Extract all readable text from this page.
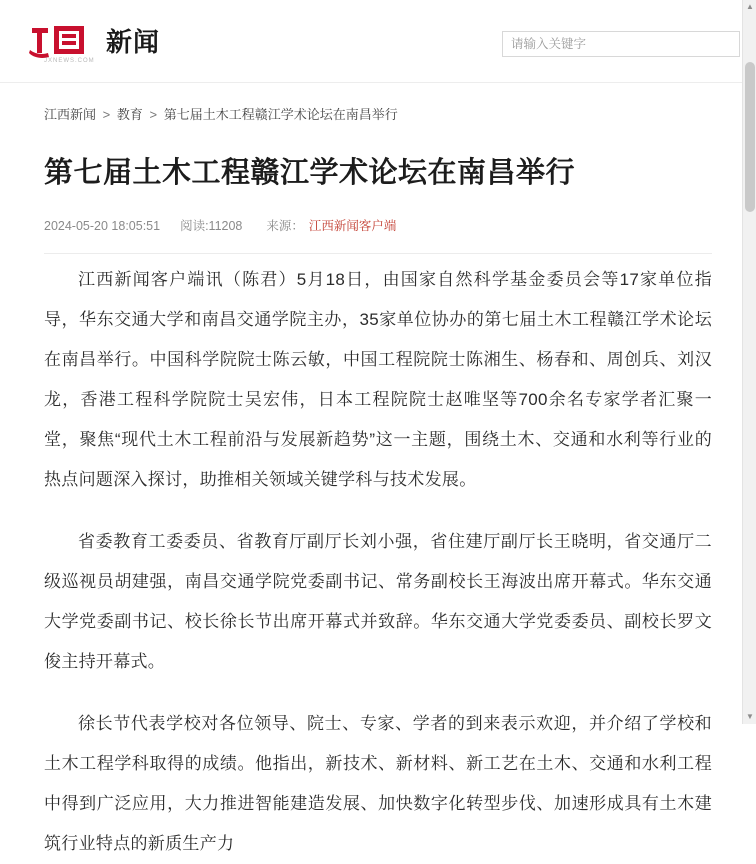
JXNEWS.COM
新闻
请输入关键字
江西新闻 > 教育 > 第七届土木工程赣江学术论坛在南昌举行
第七届土木工程赣江学术论坛在南昌举行
2024-05-20 18:05:51 阅读:11208 来源： 江西新闻客户端

江西新闻客户端讯（陈君）5月18日，由国家自然科学基金委员会等17家单位指导，华东交通大学和南昌交通学院主办，35家单位协办的第七届土木工程赣江学术论坛在南昌举行。中国科学院院士陈云敏，中国工程院院士陈湘生、杨春和、周创兵、刘汉龙，香港工程科学院院士吴宏伟，日本工程院院士赵唯坚等700余名专家学者汇聚一堂，聚焦“现代土木工程前沿与发展新趋势”这一主题，围绕土木、交通和水利等行业的热点问题深入探讨，助推相关领域关键学科与技术发展。

省委教育工委委员、省教育厅副厅长刘小强，省住建厅副厅长王晓明，省交通厅二级巡视员胡建强，南昌交通学院党委副书记、常务副校长王海波出席开幕式。华东交通大学党委副书记、校长徐长节出席开幕式并致辞。华东交通大学党委委员、副校长罗文俊主持开幕式。

徐长节代表学校对各位领导、院士、专家、学者的到来表示欢迎，并介绍了学校和土木工程学科取得的成绩。他指出，新技术、新材料、新工艺在土木、交通和水利工程中得到广泛应用，大力推进智能建造发展、加快数字化转型步伐、加速形成具有土木建筑行业特点的新质生产力

▲
▼
